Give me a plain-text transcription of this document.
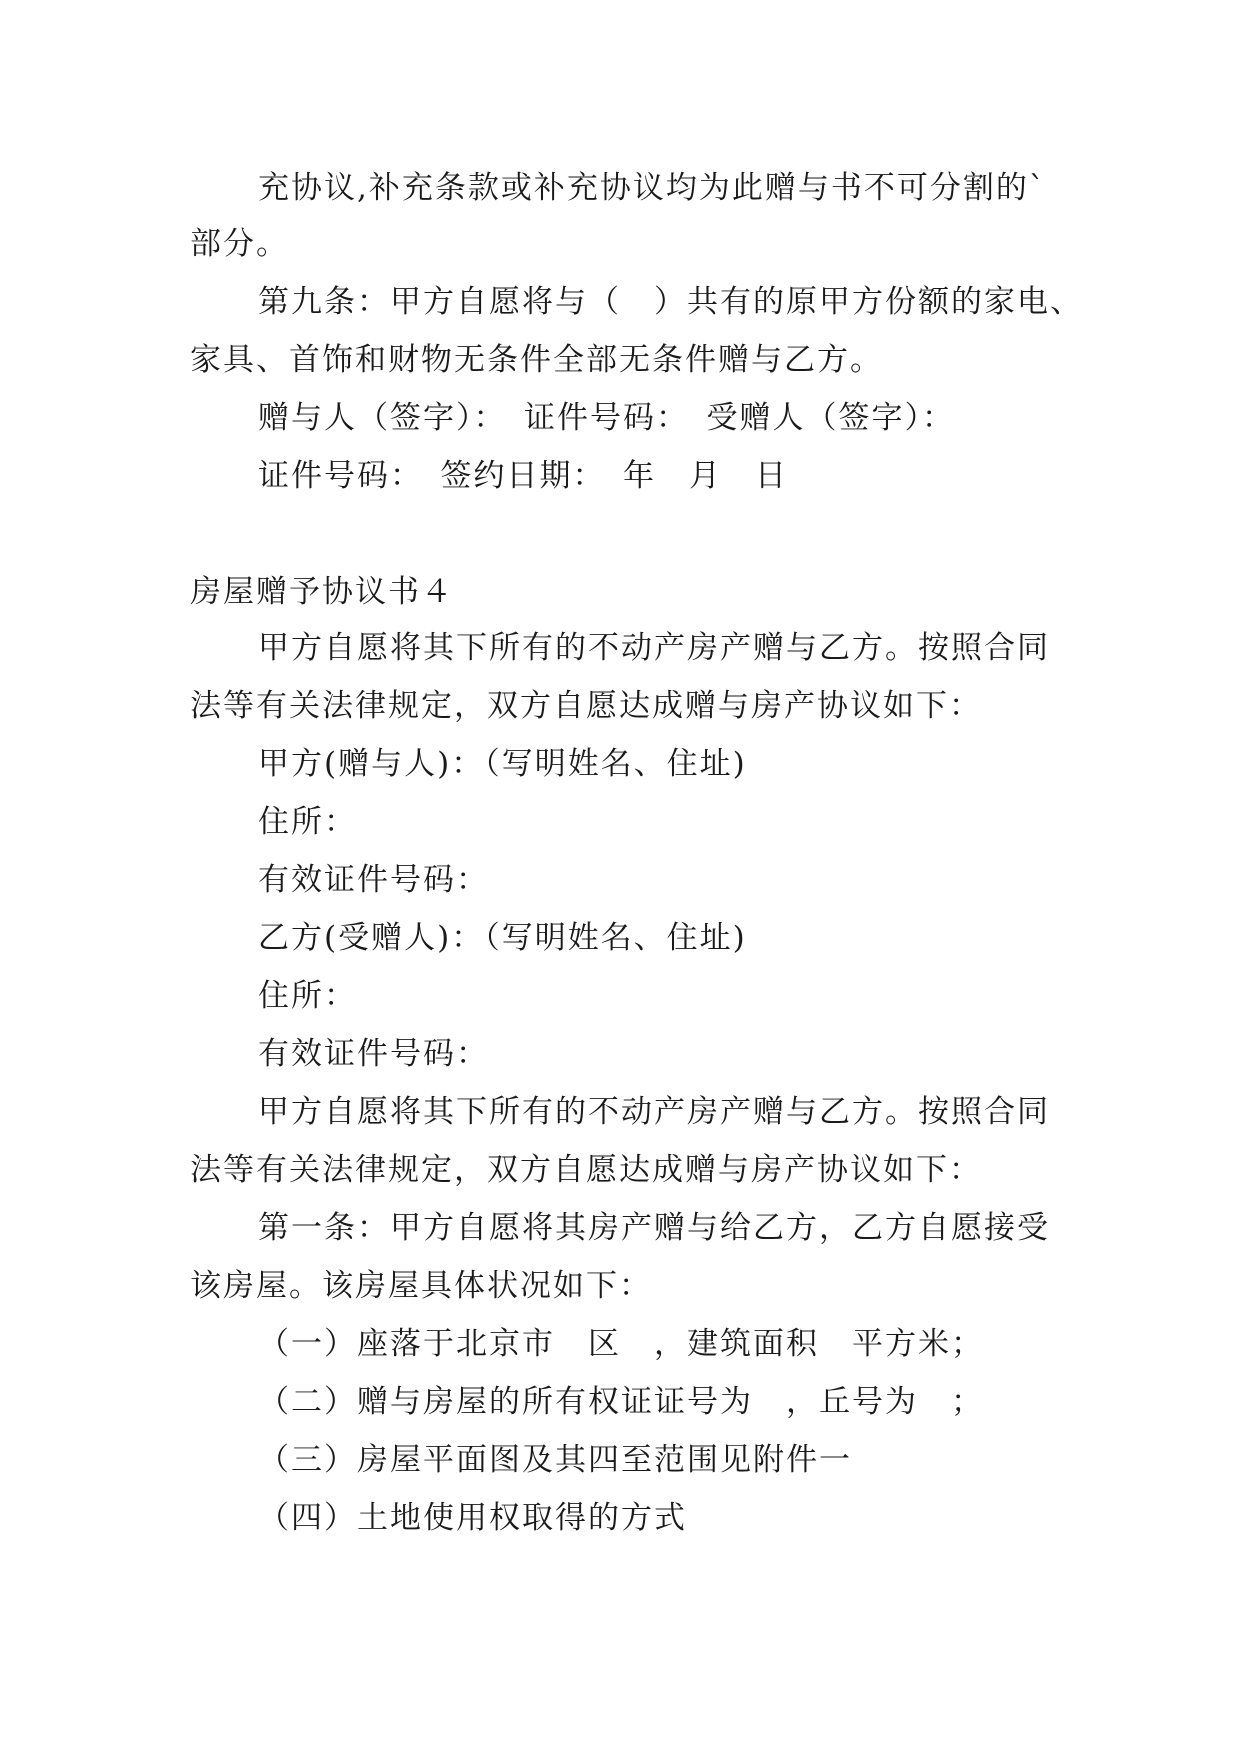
充协议,补充条款或补充协议均为此赠与书不可分割的`
部分。
第九条：甲方自愿将与（　）共有的原甲方份额的家电、
家具、首饰和财物无条件全部无条件赠与乙方。
赠与人（签字）：　证件号码：　受赠人（签字）：
证件号码：　签约日期：　年　月　日
房屋赠予协议书４
甲方自愿将其下所有的不动产房产赠与乙方。按照合同
法等有关法律规定，双方自愿达成赠与房产协议如下：
甲方(赠与人)：（写明姓名、住址)
住所：
有效证件号码：
乙方(受赠人)：（写明姓名、住址)
住所：
有效证件号码：
甲方自愿将其下所有的不动产房产赠与乙方。按照合同
法等有关法律规定，双方自愿达成赠与房产协议如下：
第一条：甲方自愿将其房产赠与给乙方，乙方自愿接受
该房屋。该房屋具体状况如下：
（一）座落于北京市　区　，建筑面积　平方米；
（二）赠与房屋的所有权证证号为　，丘号为　；
（三）房屋平面图及其四至范围见附件一
（四）土地使用权取得的方式
